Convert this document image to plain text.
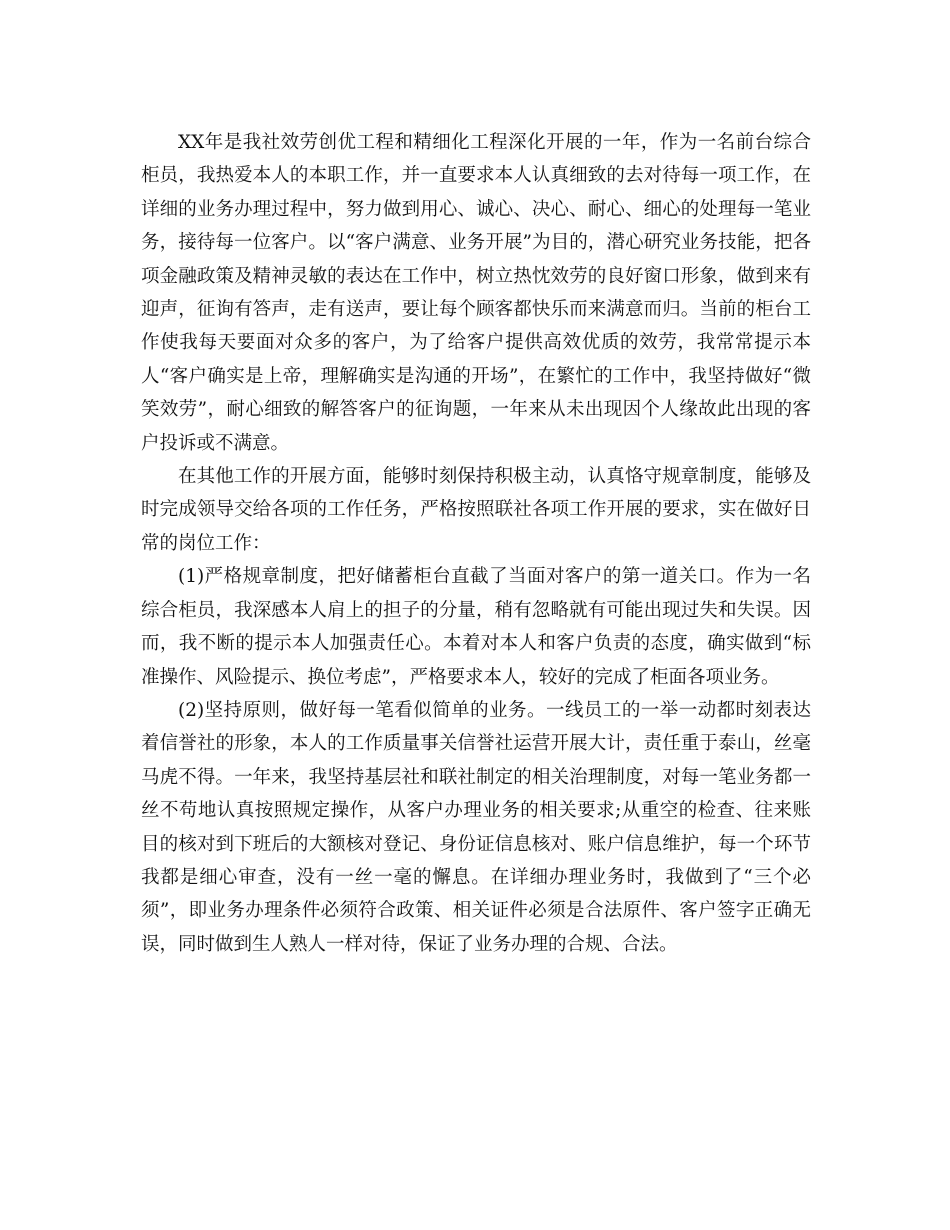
XX年是我社效劳创优工程和精细化工程深化开展的一年，作为一名前台综合柜员，我热爱本人的本职工作，并一直要求本人认真细致的去对待每一项工作，在详细的业务办理过程中，努力做到用心、诚心、决心、耐心、细心的处理每一笔业务，接待每一位客户。以“客户满意、业务开展”为目的，潜心研究业务技能，把各项金融政策及精神灵敏的表达在工作中，树立热忱效劳的良好窗口形象，做到来有迎声，征询有答声，走有送声，要让每个顾客都快乐而来满意而归。当前的柜台工作使我每天要面对众多的客户，为了给客户提供高效优质的效劳，我常常提示本人“客户确实是上帝，理解确实是沟通的开场”，在繁忙的工作中，我坚持做好“微笑效劳”，耐心细致的解答客户的征询题，一年来从未出现因个人缘故此出现的客户投诉或不满意。

在其他工作的开展方面，能够时刻保持积极主动，认真恪守规章制度，能够及时完成领导交给各项的工作任务，严格按照联社各项工作开展的要求，实在做好日常的岗位工作：

(1)严格规章制度，把好储蓄柜台直截了当面对客户的第一道关口。作为一名综合柜员，我深感本人肩上的担子的分量，稍有忽略就有可能出现过失和失误。因而，我不断的提示本人加强责任心。本着对本人和客户负责的态度，确实做到“标准操作、风险提示、换位考虑”，严格要求本人，较好的完成了柜面各项业务。

(2)坚持原则，做好每一笔看似简单的业务。一线员工的一举一动都时刻表达着信誉社的形象，本人的工作质量事关信誉社运营开展大计，责任重于泰山，丝毫马虎不得。一年来，我坚持基层社和联社制定的相关治理制度，对每一笔业务都一丝不苟地认真按照规定操作，从客户办理业务的相关要求;从重空的检查、往来账目的核对到下班后的大额核对登记、身份证信息核对、账户信息维护，每一个环节我都是细心审查，没有一丝一毫的懈息。在详细办理业务时，我做到了“三个必须”，即业务办理条件必须符合政策、相关证件必须是合法原件、客户签字正确无误，同时做到生人熟人一样对待，保证了业务办理的合规、合法。
